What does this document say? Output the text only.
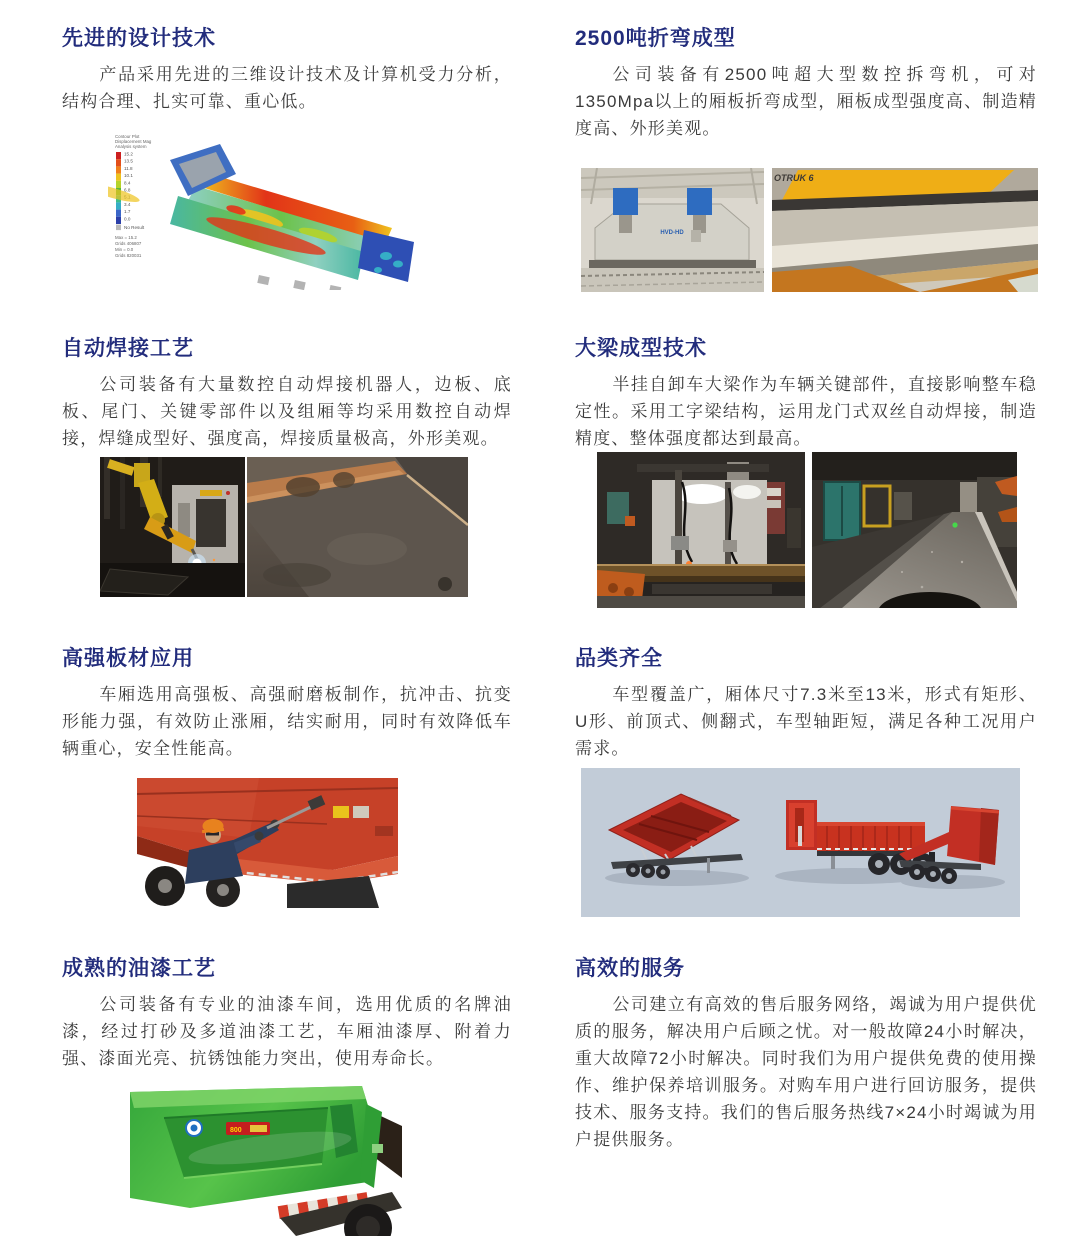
先进的设计技术

产品采用先进的三维设计技术及计算机受力分析，结构合理、扎实可靠、重心低。

2500吨折弯成型

公司装备有2500吨超大型数控拆弯机，可对1350Mpa以上的厢板折弯成型，厢板成型强度高、制造精度高、外形美观。

自动焊接工艺

公司装备有大量数控自动焊接机器人，边板、底板、尾门、关键零部件以及组厢等均采用数控自动焊接，焊缝成型好、强度高，焊接质量极高，外形美观。

大梁成型技术

半挂自卸车大梁作为车辆关键部件，直接影响整车稳定性。采用工字梁结构，运用龙门式双丝自动焊接，制造精度、整体强度都达到最高。

高强板材应用

车厢选用高强板、高强耐磨板制作，抗冲击、抗变形能力强，有效防止涨厢，结实耐用，同时有效降低车辆重心，安全性能高。

品类齐全

车型覆盖广，厢体尺寸7.3米至13米，形式有矩形、U形、前顶式、侧翻式，车型轴距短，满足各种工况用户需求。

成熟的油漆工艺

公司装备有专业的油漆车间，选用优质的名牌油漆，经过打砂及多道油漆工艺，车厢油漆厚、附着力强、漆面光亮、抗锈蚀能力突出，使用寿命长。

高效的服务

公司建立有高效的售后服务网络，竭诚为用户提供优质的服务，解决用户后顾之忧。对一般故障24小时解决，重大故障72小时解决。同时我们为用户提供免费的使用操作、维护保养培训服务。对购车用户进行回访服务，提供技术、服务支持。我们的售后服务热线7×24小时竭诚为用户提供服务。

Contour Plot
Displacement Mag
Analysis system
15.2
13.5
11.8
10.1
8.4
6.8
3.4
1.7
0.0
No Result
Max = 15.2
Grids 406807
Min = 0.0
Grids 820031
HVD-HD
OTRUK 6
800
